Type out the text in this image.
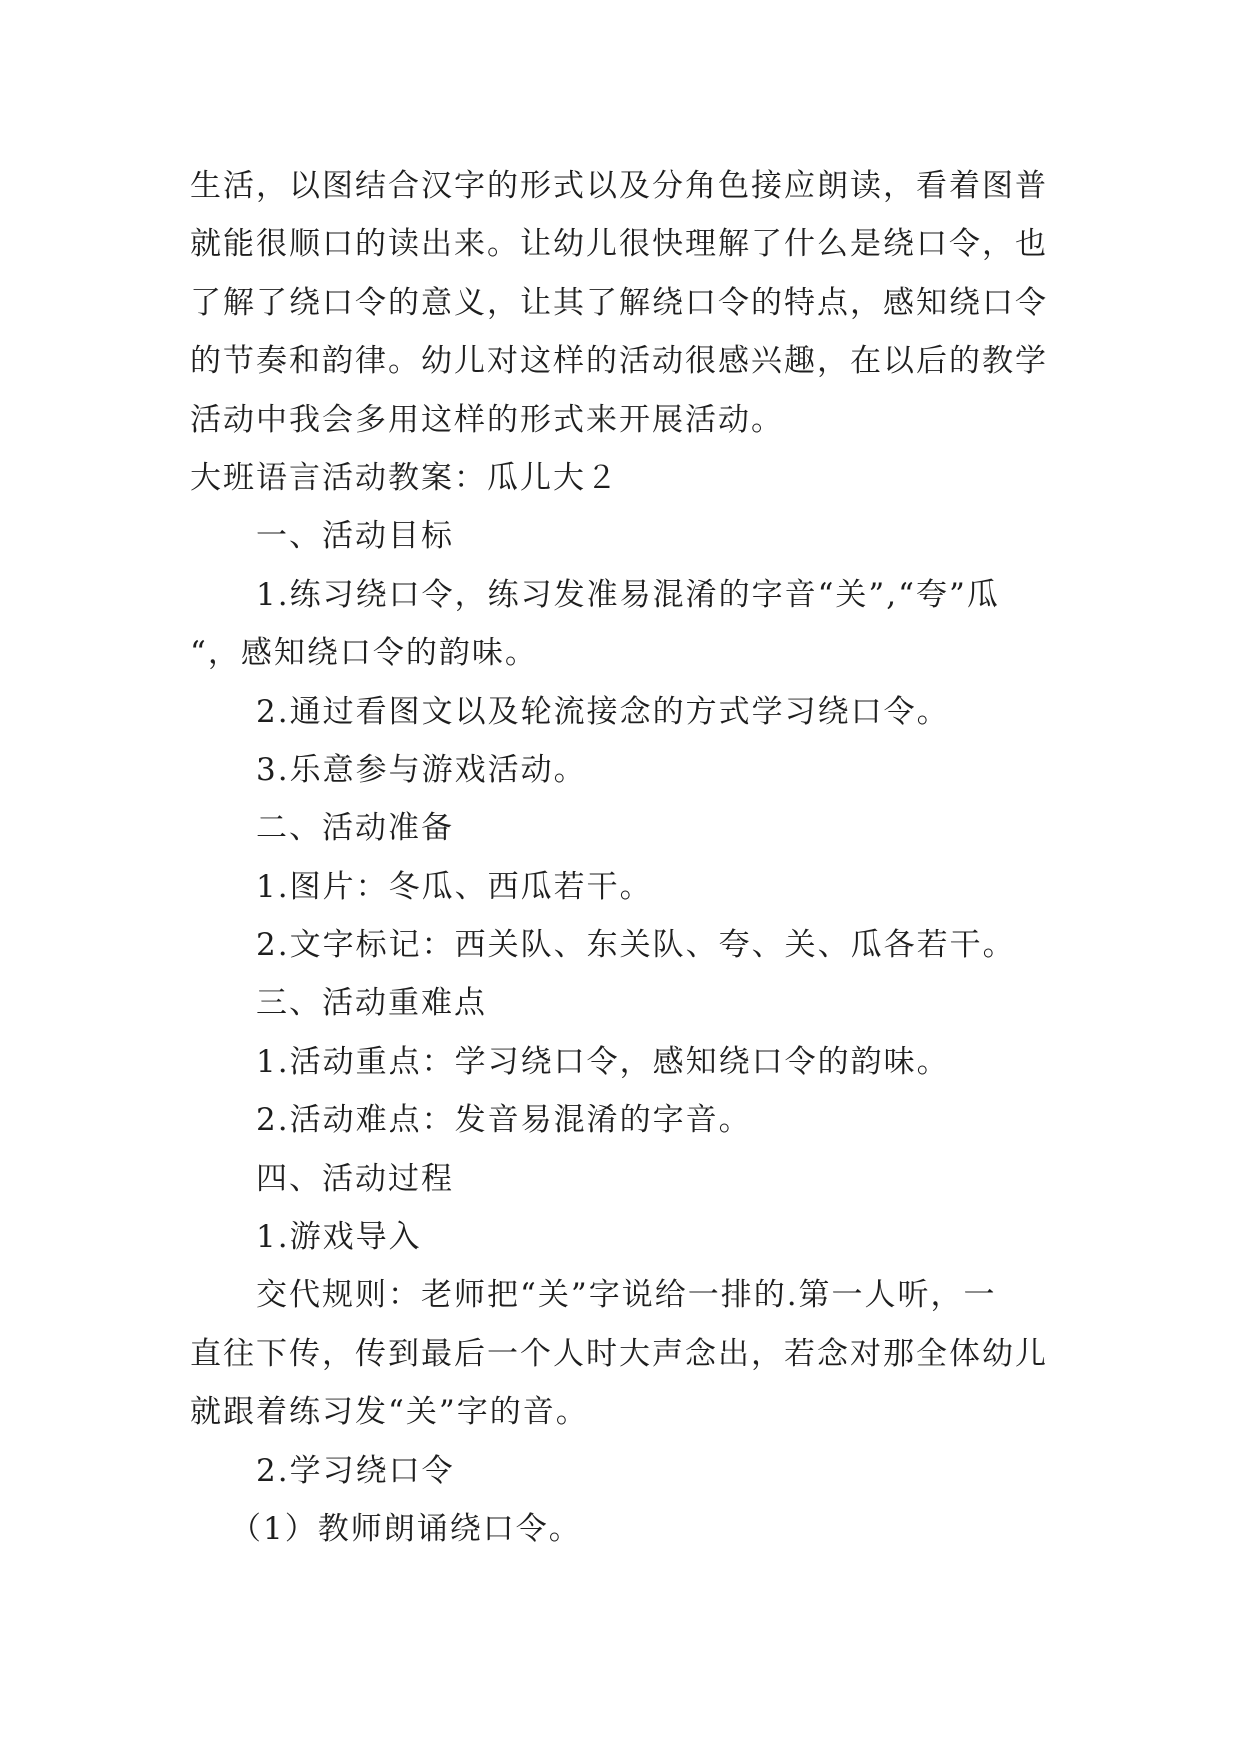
生活，以图结合汉字的形式以及分角色接应朗读，看着图普
就能很顺口的读出来。让幼儿很快理解了什么是绕口令，也
了解了绕口令的意义，让其了解绕口令的特点，感知绕口令
的节奏和韵律。幼儿对这样的活动很感兴趣，在以后的教学
活动中我会多用这样的形式来开展活动。
大班语言活动教案：瓜儿大２
一、活动目标
1.练习绕口令，练习发准易混淆的字音“关”,“夸”瓜
“，感知绕口令的韵味。
2.通过看图文以及轮流接念的方式学习绕口令。
3.乐意参与游戏活动。
二、活动准备
1.图片：冬瓜、西瓜若干。
2.文字标记：西关队、东关队、夸、关、瓜各若干。
三、活动重难点
1.活动重点：学习绕口令，感知绕口令的韵味。
2.活动难点：发音易混淆的字音。
四、活动过程
1.游戏导入
交代规则：老师把“关”字说给一排的.第一人听，一
直往下传，传到最后一个人时大声念出，若念对那全体幼儿
就跟着练习发“关”字的音。
2.学习绕口令
（1）教师朗诵绕口令。
